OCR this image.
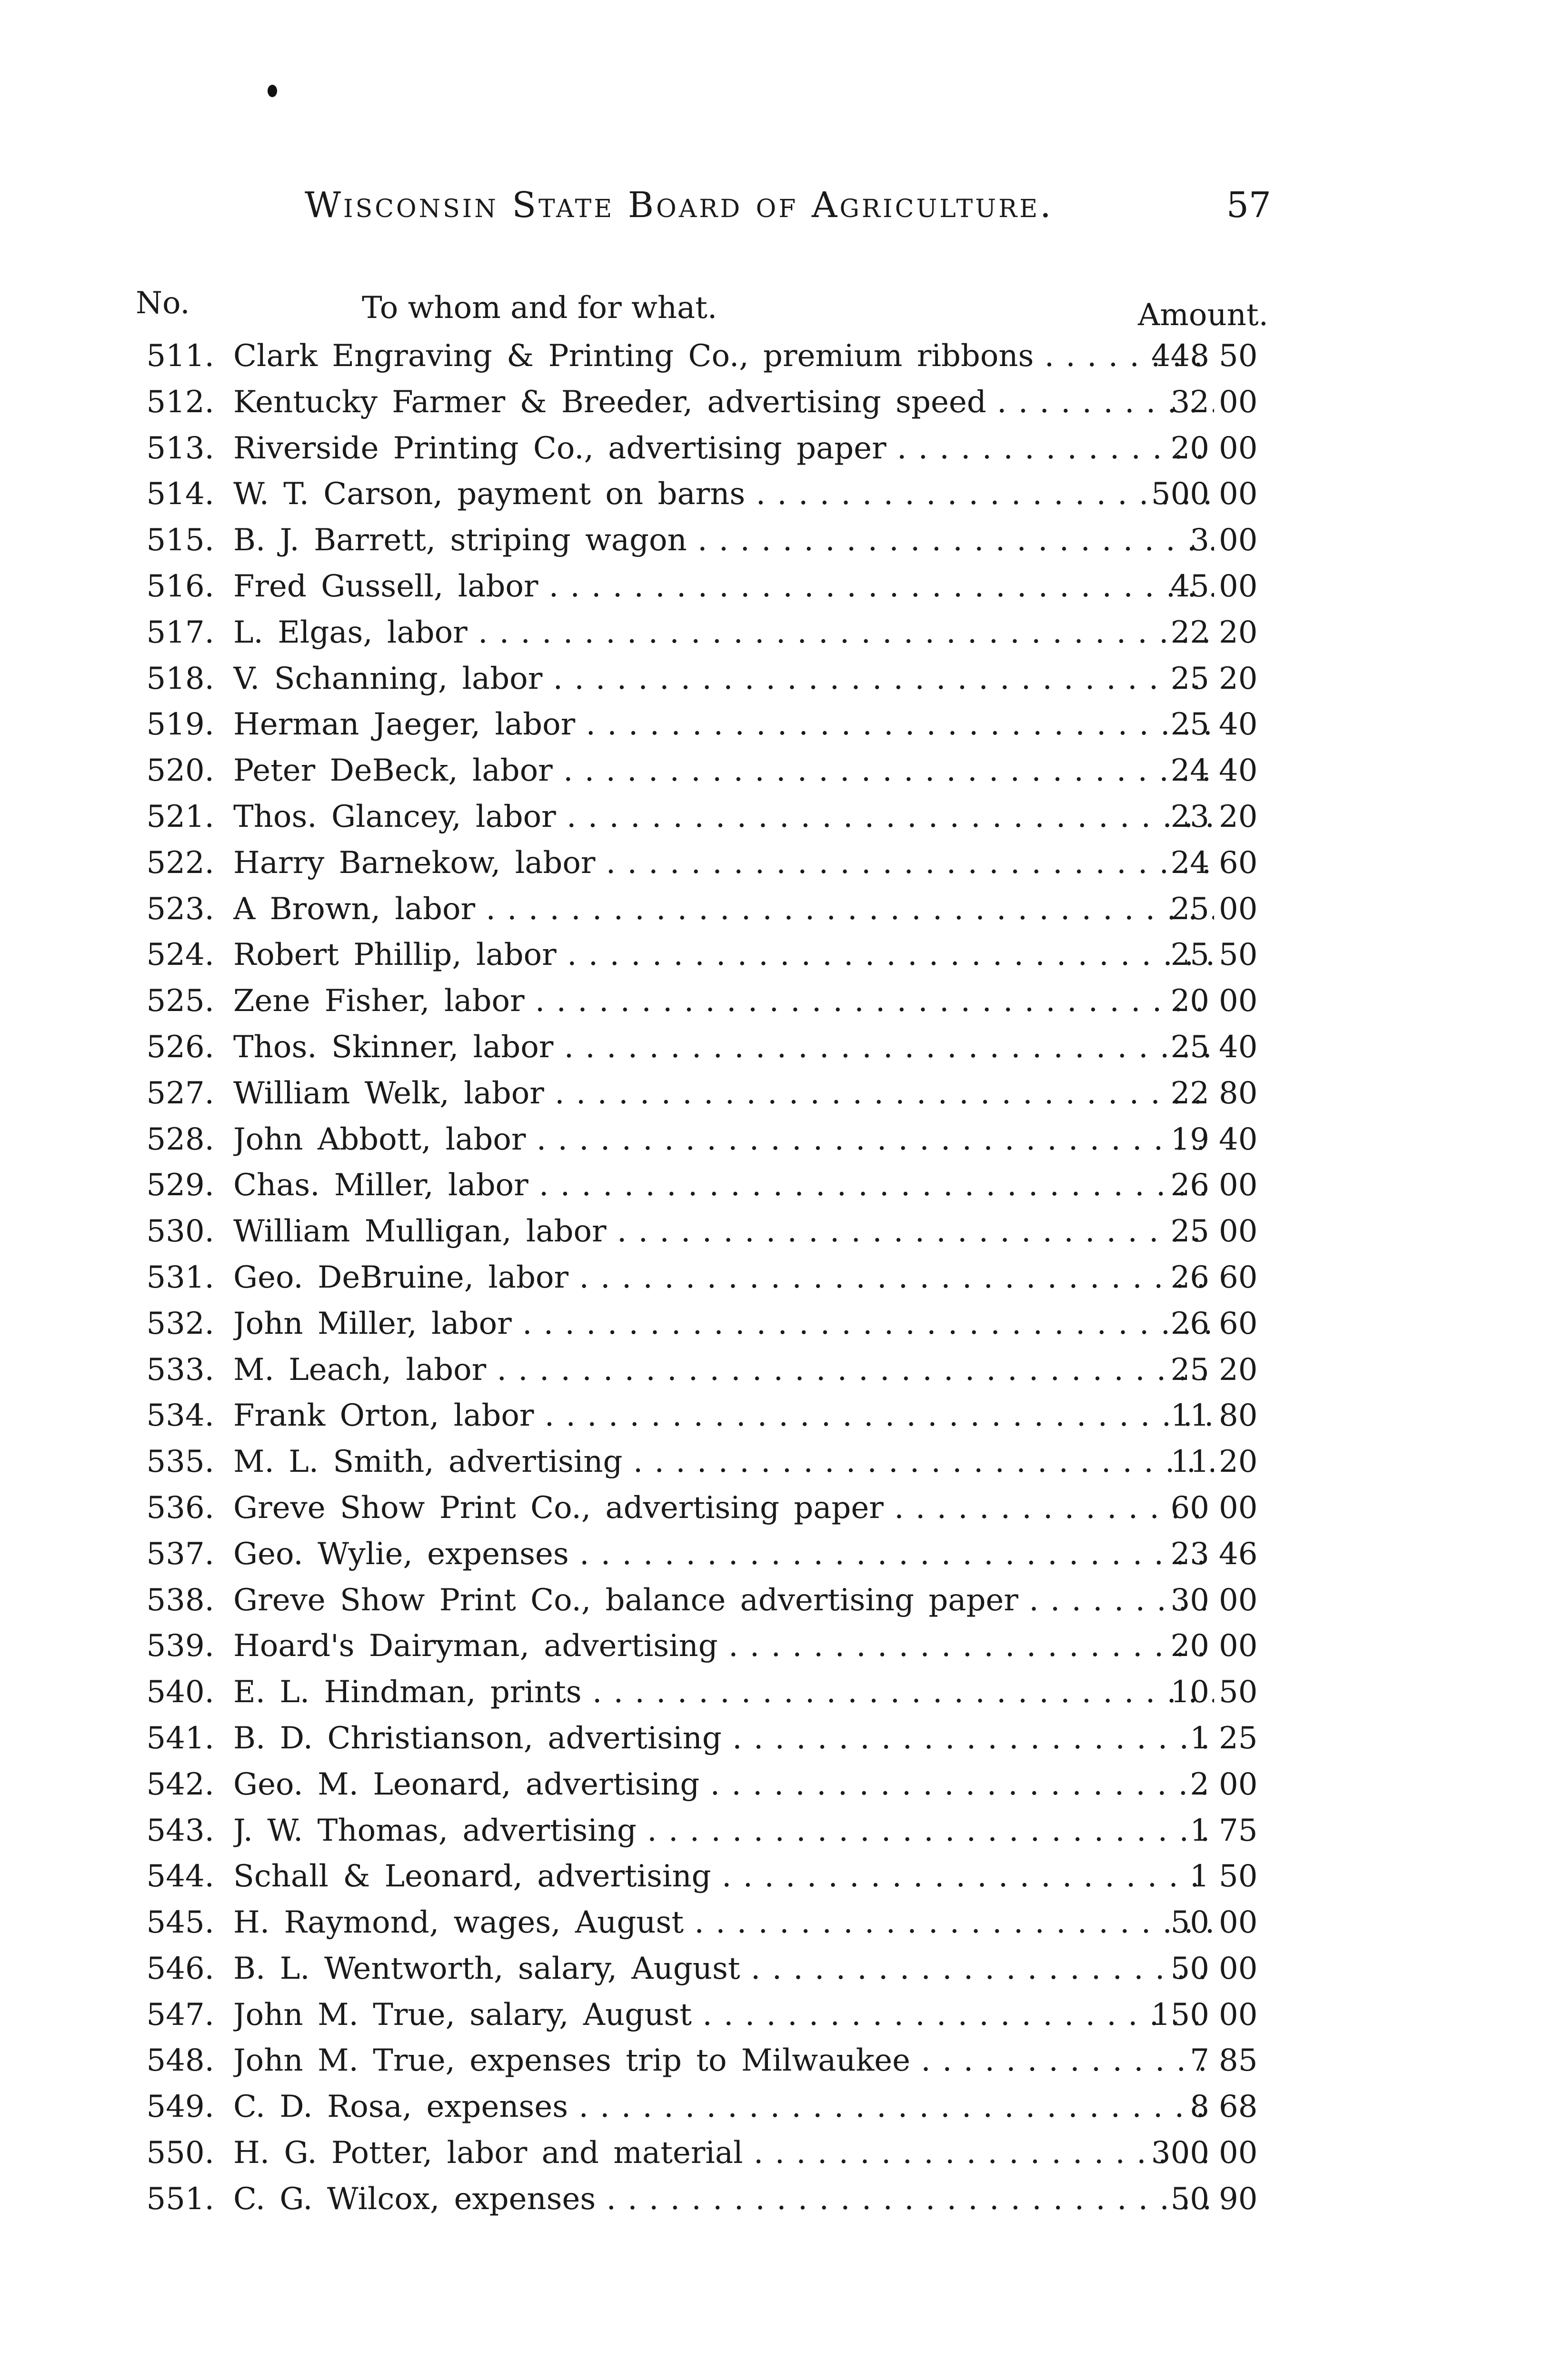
Wisconsin State Board of Agriculture.	57
No.	To whom and for what.	Amount.
511. Clark Engraving & Printing Co., premium ribbons . . .	448 50
512. Kentucky Farmer & Breeder, advertising speed . . .	32 00
513. Riverside Printing Co., advertising paper . . .	20 00
514. W. T. Carson, payment on barns . . .	500 00
515. B. J. Barrett, striping wagon . . .	3 00
516. Fred Gussell, labor . . .	45 00
517. L. Elgas, labor . . .	22 20
518. V. Schanning, labor . . .	25 20
519. Herman Jaeger, labor . . .	25 40
520. Peter DeBeck, labor . . .	24 40
521. Thos. Glancey, labor . . .	23 20
522. Harry Barnekow, labor . . .	24 60
523. A Brown, labor . . .	25 00
524. Robert Phillip, labor . . .	25 50
525. Zene Fisher, labor . . .	20 00
526. Thos. Skinner, labor . . .	25 40
527. William Welk, labor . . .	22 80
528. John Abbott, labor . . .	19 40
529. Chas. Miller, labor . . .	26 00
530. William Mulligan, labor . . .	25 00
531. Geo. DeBruine, labor . . .	26 60
532. John Miller, labor . . .	26 60
533. M. Leach, labor . . .	25 20
534. Frank Orton, labor . . .	11 80
535. M. L. Smith, advertising . . .	11 20
536. Greve Show Print Co., advertising paper . . .	60 00
537. Geo. Wylie, expenses . . .	23 46
538. Greve Show Print Co., balance advertising paper . . .	30 00
539. Hoard's Dairyman, advertising . . .	20 00
540. E. L. Hindman, prints . . .	10 50
541. B. D. Christianson, advertising . . .	1 25
542. Geo. M. Leonard, advertising . . .	2 00
543. J. W. Thomas, advertising . . .	1 75
544. Schall & Leonard, advertising . . .	1 50
545. H. Raymond, wages, August . . .	50 00
546. B. L. Wentworth, salary, August . . .	50 00
547. John M. True, salary, August . . .	150 00
548. John M. True, expenses trip to Milwaukee . . .	7 85
549. C. D. Rosa, expenses . . .	8 68
550. H. G. Potter, labor and material . . .	300 00
551. C. G. Wilcox, expenses . . .	50 90
